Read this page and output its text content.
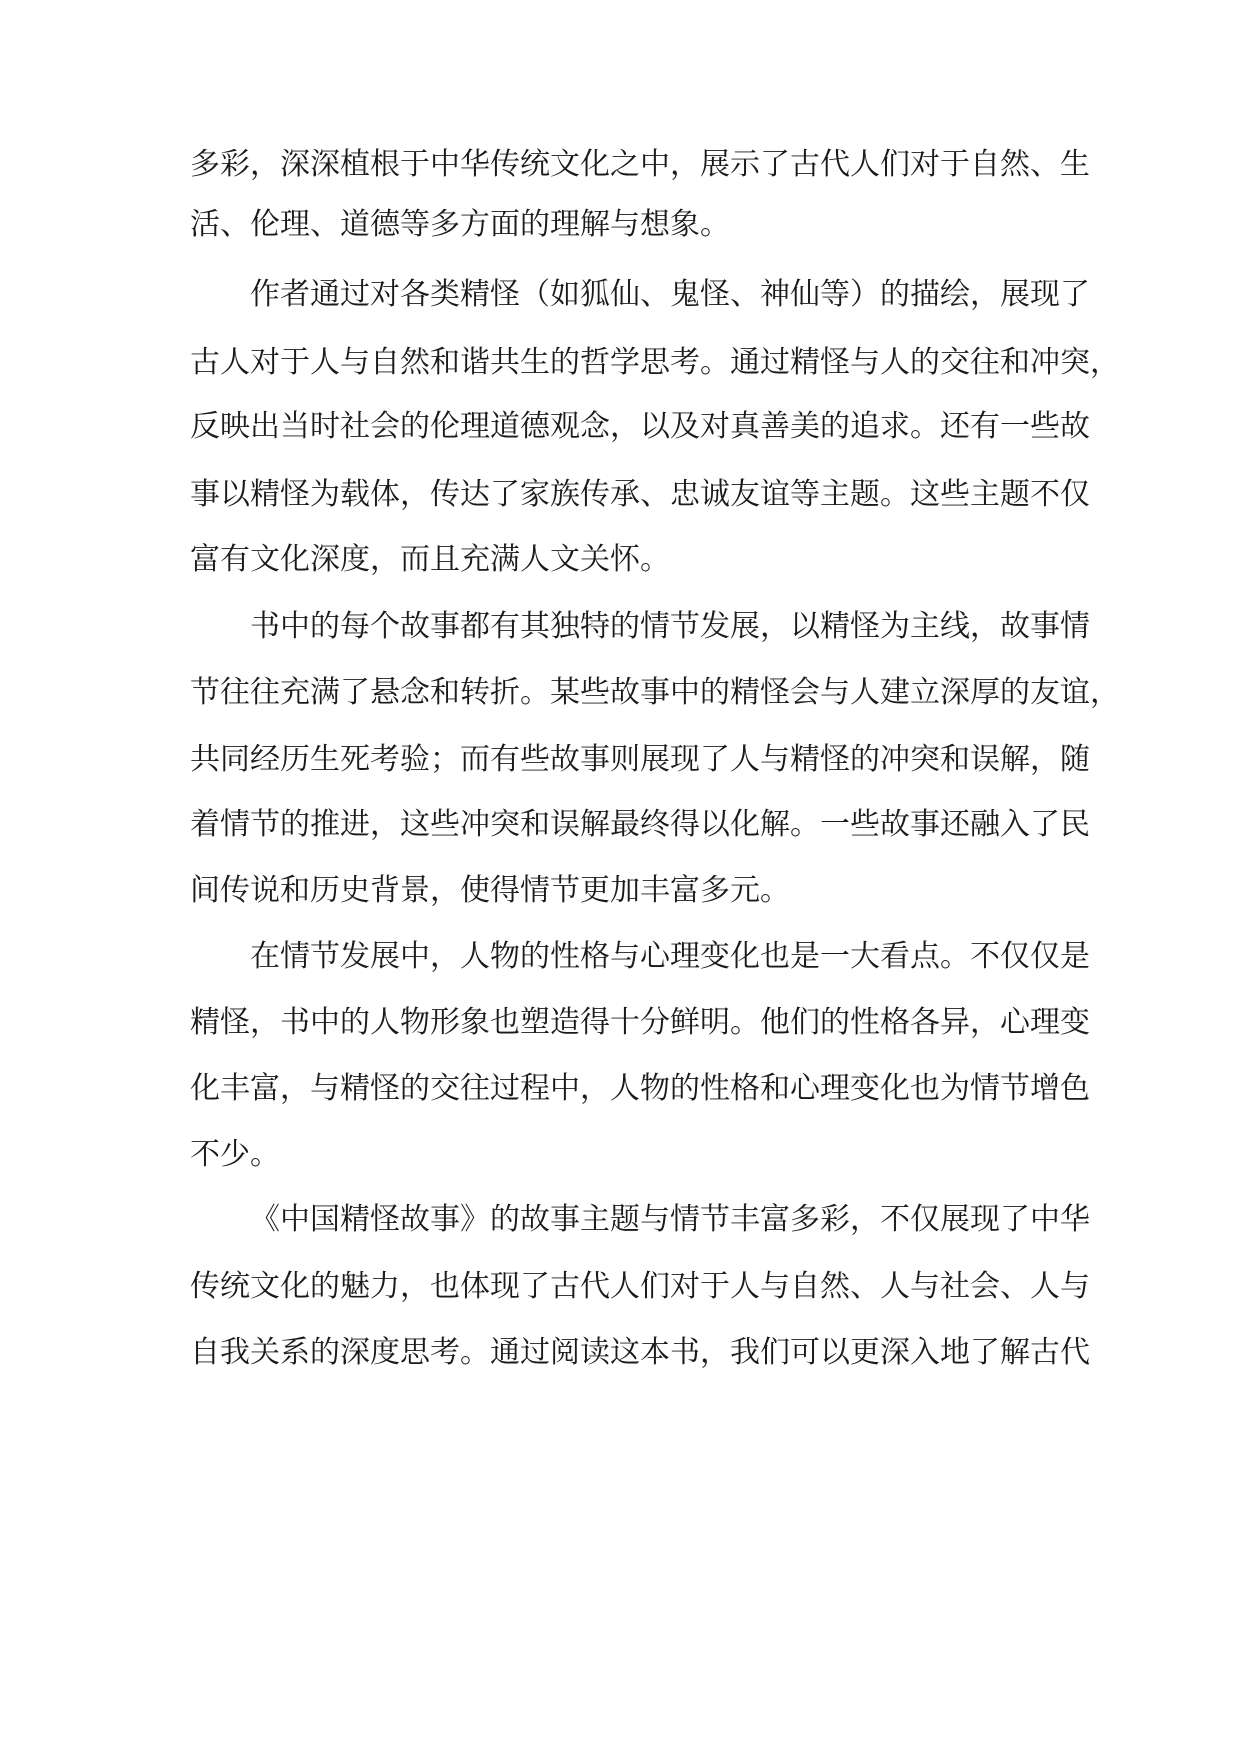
多彩，深深植根于中华传统文化之中，展示了古代人们对于自然、生
活、伦理、道德等多方面的理解与想象。
作者通过对各类精怪（如狐仙、鬼怪、神仙等）的描绘，展现了
古人对于人与自然和谐共生的哲学思考。通过精怪与人的交往和冲突，
反映出当时社会的伦理道德观念，以及对真善美的追求。还有一些故
事以精怪为载体，传达了家族传承、忠诚友谊等主题。这些主题不仅
富有文化深度，而且充满人文关怀。
书中的每个故事都有其独特的情节发展，以精怪为主线，故事情
节往往充满了悬念和转折。某些故事中的精怪会与人建立深厚的友谊，
共同经历生死考验；而有些故事则展现了人与精怪的冲突和误解，随
着情节的推进，这些冲突和误解最终得以化解。一些故事还融入了民
间传说和历史背景，使得情节更加丰富多元。
在情节发展中，人物的性格与心理变化也是一大看点。不仅仅是
精怪，书中的人物形象也塑造得十分鲜明。他们的性格各异，心理变
化丰富，与精怪的交往过程中，人物的性格和心理变化也为情节增色
不少。
《中国精怪故事》的故事主题与情节丰富多彩，不仅展现了中华
传统文化的魅力，也体现了古代人们对于人与自然、人与社会、人与
自我关系的深度思考。通过阅读这本书，我们可以更深入地了解古代
